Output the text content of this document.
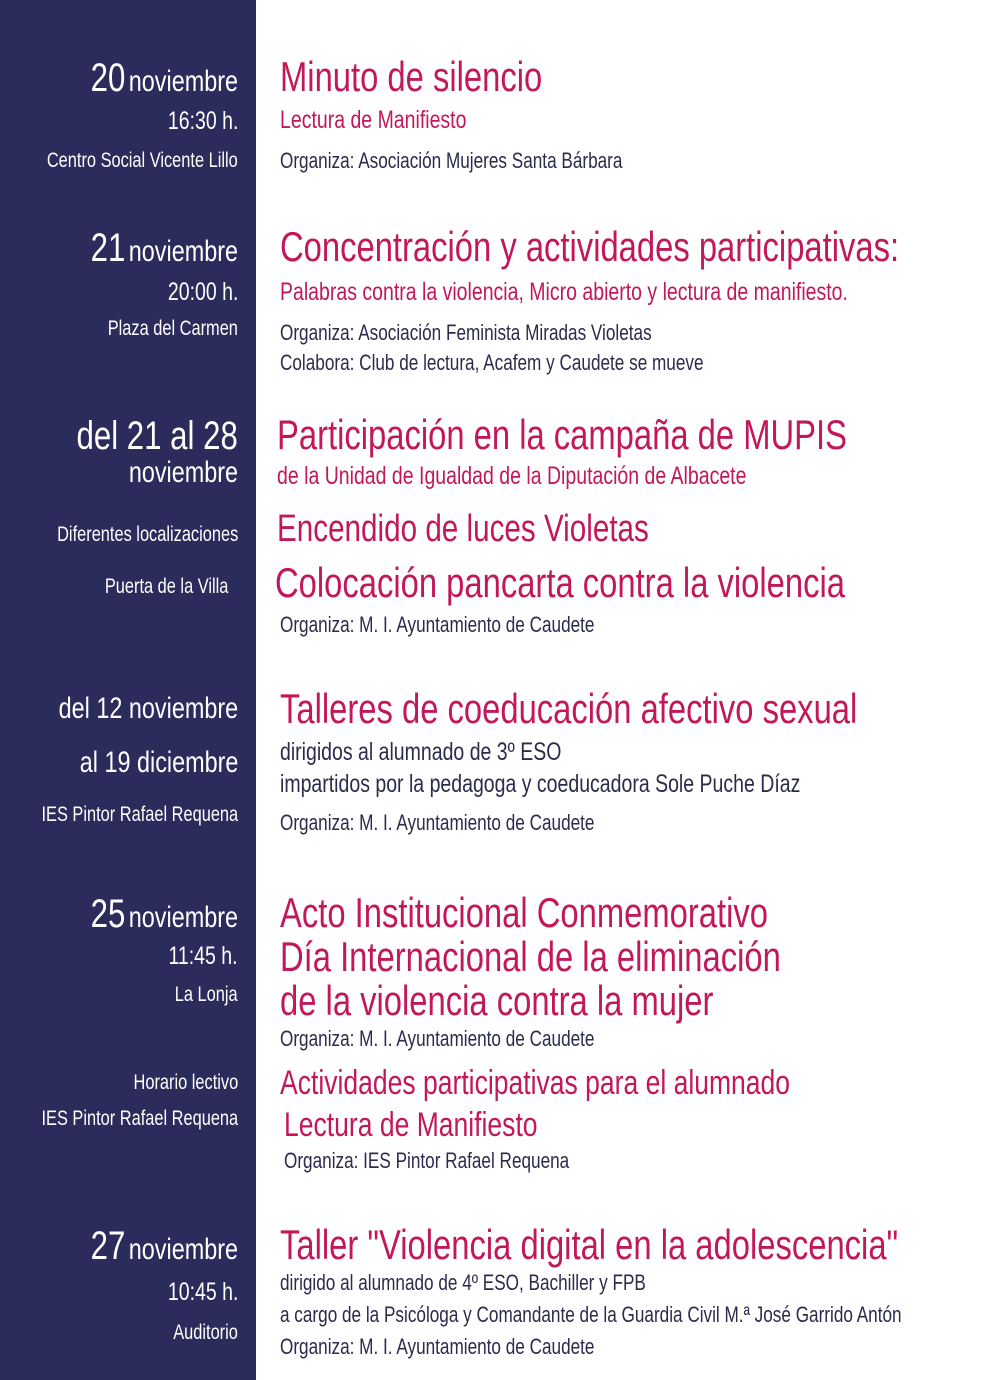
20 noviembre
16:30 h.
Centro Social Vicente Lillo
Minuto de silencio
Lectura de Manifiesto
Organiza: Asociación Mujeres Santa Bárbara
21 noviembre
20:00 h.
Plaza del Carmen
Concentración y actividades participativas:
Palabras contra la violencia, Micro abierto y lectura de manifiesto.
Organiza: Asociación Feminista Miradas Violetas
Colabora: Club de lectura, Acafem y Caudete se mueve
del 21 al 28
noviembre
Participación en la campaña de MUPIS
de la Unidad de Igualdad de la Diputación de Albacete
Diferentes localizaciones Encendido de luces Violetas
Puerta de la Villa Colocación pancarta contra la violencia
Organiza: M. I. Ayuntamiento de Caudete
del 12 noviembre
al 19 diciembre
IES Pintor Rafael Requena
Talleres de coeducación afectivo sexual
dirigidos al alumnado de 3º ESO
impartidos por la pedagoga y coeducadora Sole Puche Díaz
Organiza: M. I. Ayuntamiento de Caudete
25 noviembre
11:45 h.
La Lonja
Acto Institucional Conmemorativo
Día Internacional de la eliminación
de la violencia contra la mujer
Organiza: M. I. Ayuntamiento de Caudete
Horario lectivo
IES Pintor Rafael Requena
Actividades participativas para el alumnado
Lectura de Manifiesto
Organiza: IES Pintor Rafael Requena
27 noviembre
10:45 h.
Auditorio
Taller "Violencia digital en la adolescencia"
dirigido al alumnado de 4º ESO, Bachiller y FPB
a cargo de la Psicóloga y Comandante de la Guardia Civil M.ª José Garrido Antón
Organiza: M. I. Ayuntamiento de Caudete
